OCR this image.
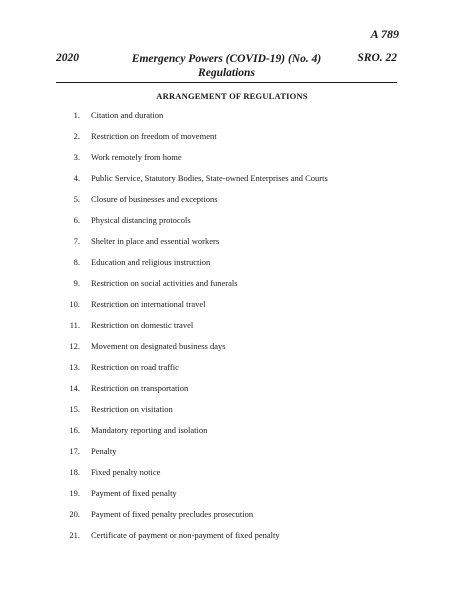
A 789
2020	Emergency Powers (COVID-19) (No. 4)
Regulations
SRO. 22
ARRANGEMENT OF REGULATIONS
1. Citation and duration
2. Restriction on freedom of movement
3. Work remotely from home
4. Public Service, Statutory Bodies, State-owned Enterprises and Courts
5. Closure of businesses and exceptions
6. Physical distancing protocols
7. Shelter in place and essential workers
8. Education and religious instruction
9. Restriction on social activities and funerals
10. Restriction on international travel
11. Restriction on domestic travel
12. Movement on designated business days
13. Restriction on road traffic
14. Restriction on transportation
15. Restriction on visitation
16. Mandatory reporting and isolation
17. Penalty
18. Fixed penalty notice
19. Payment of fixed penalty
20. Payment of fixed penalty precludes prosecution
21. Certificate of payment or non-payment of fixed penalty
